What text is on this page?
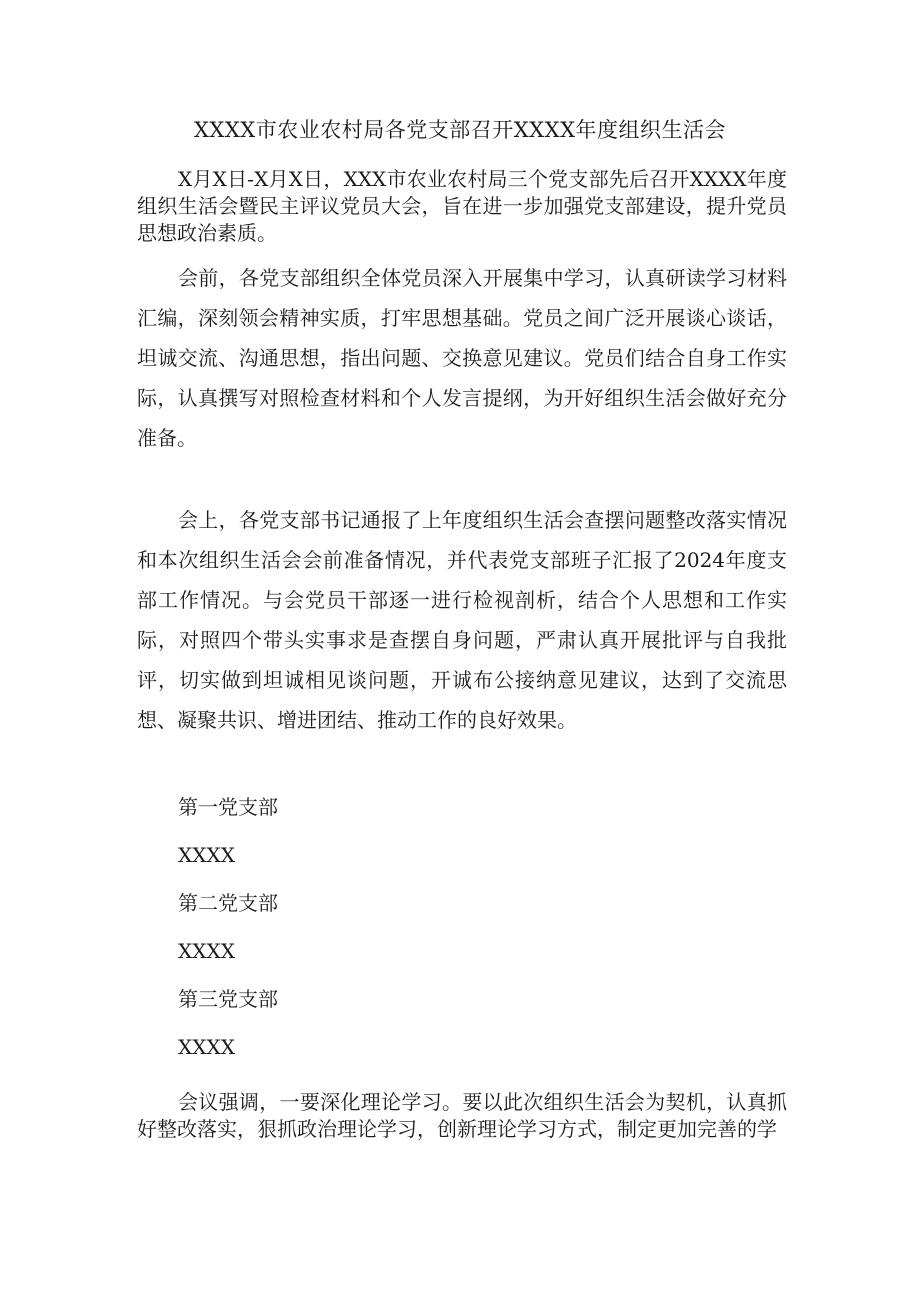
XXXX市农业农村局各党支部召开XXXX年度组织生活会

X月X日-X月X日，XXX市农业农村局三个党支部先后召开XXXX年度组织生活会暨民主评议党员大会，旨在进一步加强党支部建设，提升党员思想政治素质。

会前，各党支部组织全体党员深入开展集中学习，认真研读学习材料汇编，深刻领会精神实质，打牢思想基础。党员之间广泛开展谈心谈话，坦诚交流、沟通思想，指出问题、交换意见建议。党员们结合自身工作实际，认真撰写对照检查材料和个人发言提纲，为开好组织生活会做好充分准备。

会上，各党支部书记通报了上年度组织生活会查摆问题整改落实情况和本次组织生活会会前准备情况，并代表党支部班子汇报了2024年度支部工作情况。与会党员干部逐一进行检视剖析，结合个人思想和工作实际，对照四个带头实事求是查摆自身问题，严肃认真开展批评与自我批评，切实做到坦诚相见谈问题，开诚布公接纳意见建议，达到了交流思想、凝聚共识、增进团结、推动工作的良好效果。

第一党支部

XXXX

第二党支部

XXXX

第三党支部

XXXX

会议强调，一要深化理论学习。要以此次组织生活会为契机，认真抓好整改落实，狠抓政治理论学习，创新理论学习方式，制定更加完善的学
